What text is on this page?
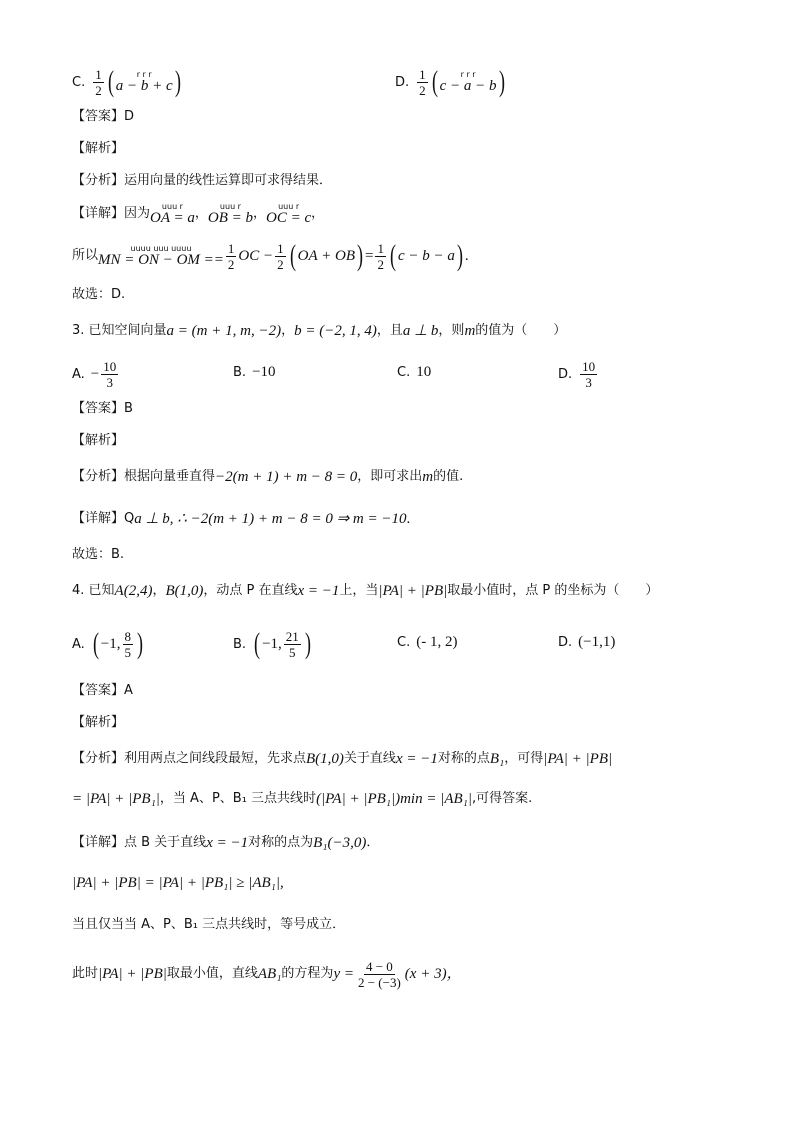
C. $\frac{1}{2}$ (	r r r
a − b + c )	D. $\frac{1}{2}$ (	r r r
c − a − b )
【答案】D
【解析】
【分析】运用向量的线性运算即可求得结果．
【详解】因为 uuu r
OA = a ， uuu r
OB = b ， uuu r
OC = c ，
所以	uuuu uuu uuuu
MN = ON − OM == $\frac{1}{2}$ OC − $\frac{1}{2}$ ( OA + OB ) = $\frac{1}{2}$ ( c − b − a ) .
故选：D.
3. 已知空间向量 a = (m + 1, m, −2) ， b = (−2, 1, 4) ，且 a ⊥ b ，则 m 的值为（　　）
A. − $\frac{10}{3}$	B. −10	C. 10	D. $\frac{10}{3}$
【答案】B
【解析】
【分析】根据向量垂直得 −2(m + 1) + m − 8 = 0 ，即可求出 m 的值.
【详解】Q a ⊥ b, ∴ −2(m + 1) + m − 8 = 0 ⇒ m = −10 .
故选：B.
4. 已知 A(2,4) ， B(1,0) ，动点 P 在直线 x = −1 上，当 |PA| + |PB| 取最小值时，点 P 的坐标为（　　）
A. ( −1, $\frac{8}{5}$ )	B. ( −1, $\frac{21}{5}$ )	C. (- 1, 2)	D. (−1,1)
【答案】A
【解析】
【分析】利用两点之间线段最短，先求点 B(1,0) 关于直线 x = −1 对称的点 B₁ ，可得 |PA| + |PB|
= |PA| + |PB₁| ，当 A、P、B₁ 三点共线时 (|PA| + |PB₁|)min = |AB₁| ,可得答案.
【详解】点 B 关于直线 x = −1 对称的点为 B₁(−3,0) ．
|PA| + |PB| = |PA| + |PB₁| ≥ |AB₁|,
当且仅当当 A、P、B₁ 三点共线时，等号成立．
此时 |PA| + |PB| 取最小值，直线 AB₁ 的方程为 $y = \frac{4 - 0}{2 - (-3)} (x + 3)$，
